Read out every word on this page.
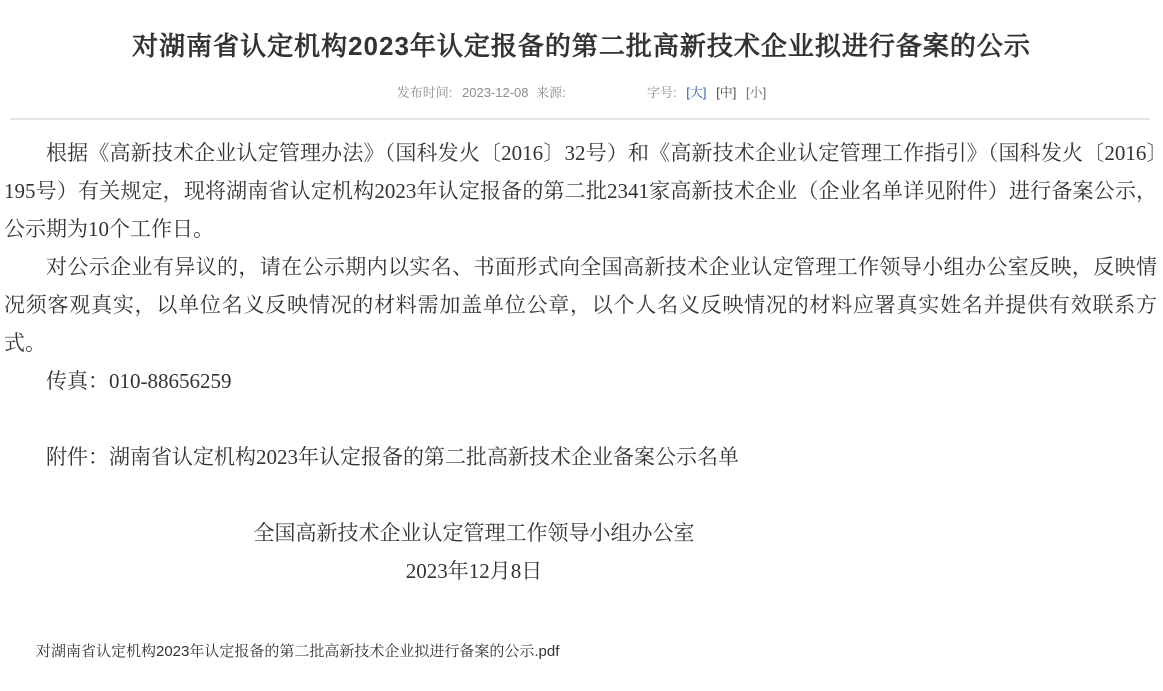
对湖南省认定机构2023年认定报备的第二批高新技术企业拟进行备案的公示
发布时间: 2023-12-08 来源:	字号: [大] [中] [小]

根据《高新技术企业认定管理办法》（国科发火〔2016〕32号）和《高新技术企业认定管理工作指引》（国科发火〔2016〕195号）有关规定，现将湖南省认定机构2023年认定报备的第二批2341家高新技术企业（企业名单详见附件）进行备案公示，公示期为10个工作日。

对公示企业有异议的，请在公示期内以实名、书面形式向全国高新技术企业认定管理工作领导小组办公室反映，反映情况须客观真实，以单位名义反映情况的材料需加盖单位公章，以个人名义反映情况的材料应署真实姓名并提供有效联系方式。

传真：010-88656259

附件：湖南省认定机构2023年认定报备的第二批高新技术企业备案公示名单

全国高新技术企业认定管理工作领导小组办公室

2023年12月8日

对湖南省认定机构2023年认定报备的第二批高新技术企业拟进行备案的公示.pdf
